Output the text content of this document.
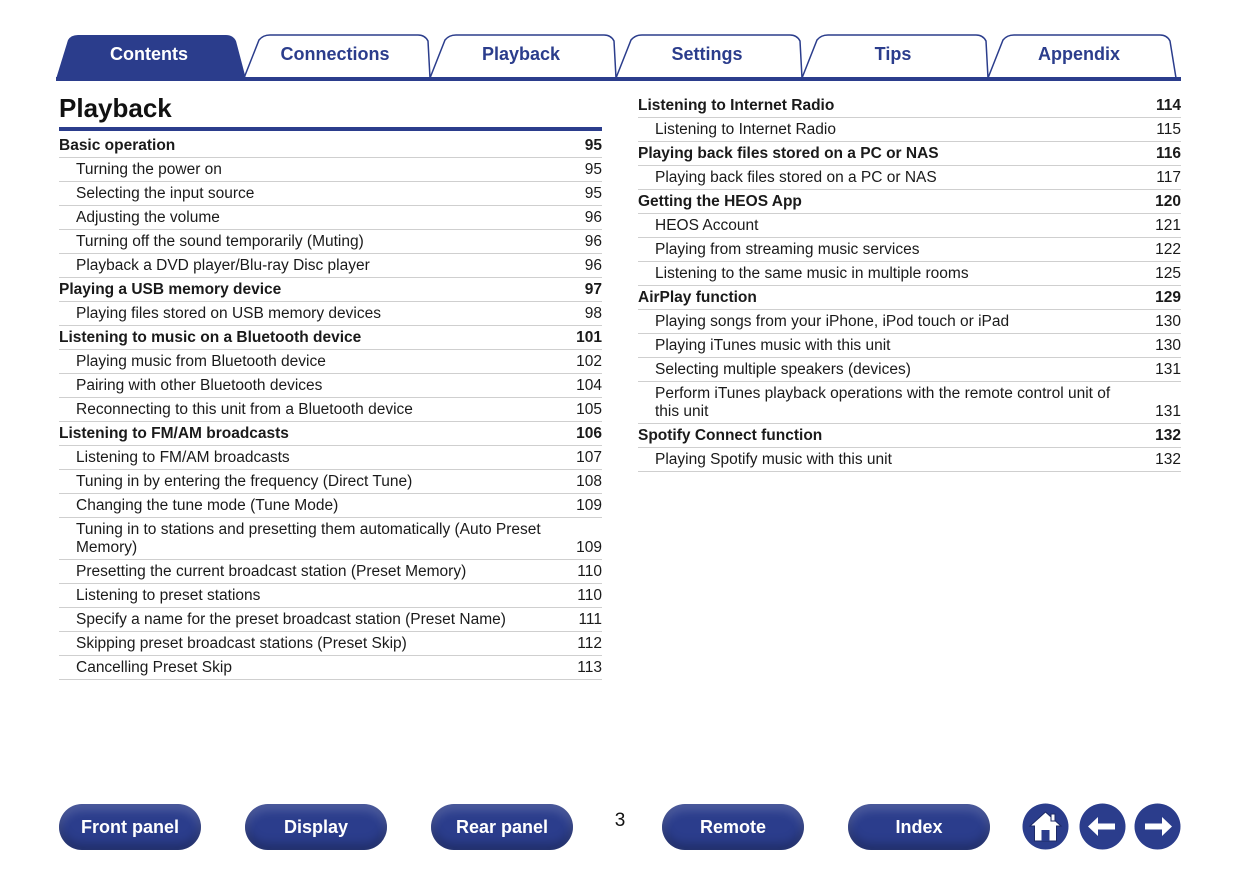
Contents	Connections	Playback	Settings	Tips	Appendix
Playback
Basic operation	95
Turning the power on	95
Selecting the input source	95
Adjusting the volume	96
Turning off the sound temporarily (Muting)	96
Playback a DVD player/Blu-ray Disc player	96
Playing a USB memory device	97
Playing files stored on USB memory devices	98
Listening to music on a Bluetooth device	101
Playing music from Bluetooth device	102
Pairing with other Bluetooth devices	104
Reconnecting to this unit from a Bluetooth device	105
Listening to FM/AM broadcasts	106
Listening to FM/AM broadcasts	107
Tuning in by entering the frequency (Direct Tune)	108
Changing the tune mode (Tune Mode)	109
Tuning in to stations and presetting them automatically (Auto Preset Memory)	109
Presetting the current broadcast station (Preset Memory)	110
Listening to preset stations	110
Specify a name for the preset broadcast station (Preset Name)	111
Skipping preset broadcast stations (Preset Skip)	112
Cancelling Preset Skip	113
Listening to Internet Radio	114
Listening to Internet Radio	115
Playing back files stored on a PC or NAS	116
Playing back files stored on a PC or NAS	117
Getting the HEOS App	120
HEOS Account	121
Playing from streaming music services	122
Listening to the same music in multiple rooms	125
AirPlay function	129
Playing songs from your iPhone, iPod touch or iPad	130
Playing iTunes music with this unit	130
Selecting multiple speakers (devices)	131
Perform iTunes playback operations with the remote control unit of this unit	131
Spotify Connect function	132
Playing Spotify music with this unit	132
Front panel	Display	Rear panel	3	Remote	Index
